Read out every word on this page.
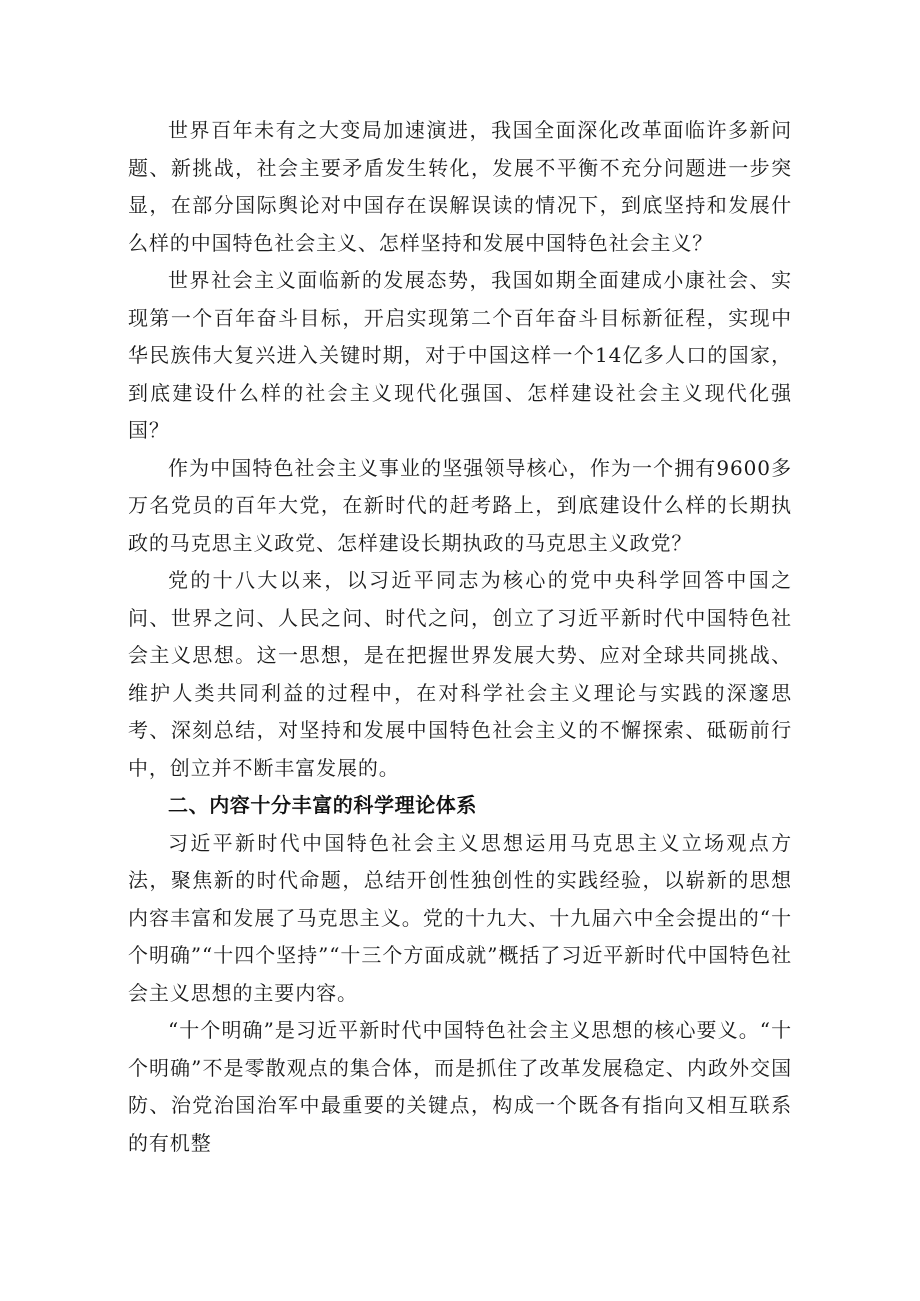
世界百年未有之大变局加速演进，我国全面深化改革面临许多新问题、新挑战，社会主要矛盾发生转化，发展不平衡不充分问题进一步突显，在部分国际舆论对中国存在误解误读的情况下，到底坚持和发展什么样的中国特色社会主义、怎样坚持和发展中国特色社会主义？

世界社会主义面临新的发展态势，我国如期全面建成小康社会、实现第一个百年奋斗目标，开启实现第二个百年奋斗目标新征程，实现中华民族伟大复兴进入关键时期，对于中国这样一个14亿多人口的国家，到底建设什么样的社会主义现代化强国、怎样建设社会主义现代化强国？

作为中国特色社会主义事业的坚强领导核心，作为一个拥有9600多万名党员的百年大党，在新时代的赶考路上，到底建设什么样的长期执政的马克思主义政党、怎样建设长期执政的马克思主义政党？

党的十八大以来，以习近平同志为核心的党中央科学回答中国之问、世界之问、人民之问、时代之问，创立了习近平新时代中国特色社会主义思想。这一思想，是在把握世界发展大势、应对全球共同挑战、维护人类共同利益的过程中，在对科学社会主义理论与实践的深邃思考、深刻总结，对坚持和发展中国特色社会主义的不懈探索、砥砺前行中，创立并不断丰富发展的。

二、内容十分丰富的科学理论体系

习近平新时代中国特色社会主义思想运用马克思主义立场观点方法，聚焦新的时代命题，总结开创性独创性的实践经验，以崭新的思想内容丰富和发展了马克思主义。党的十九大、十九届六中全会提出的“十个明确”“十四个坚持”“十三个方面成就”概括了习近平新时代中国特色社会主义思想的主要内容。

“十个明确”是习近平新时代中国特色社会主义思想的核心要义。“十个明确”不是零散观点的集合体，而是抓住了改革发展稳定、内政外交国防、治党治国治军中最重要的关键点，构成一个既各有指向又相互联系的有机整
